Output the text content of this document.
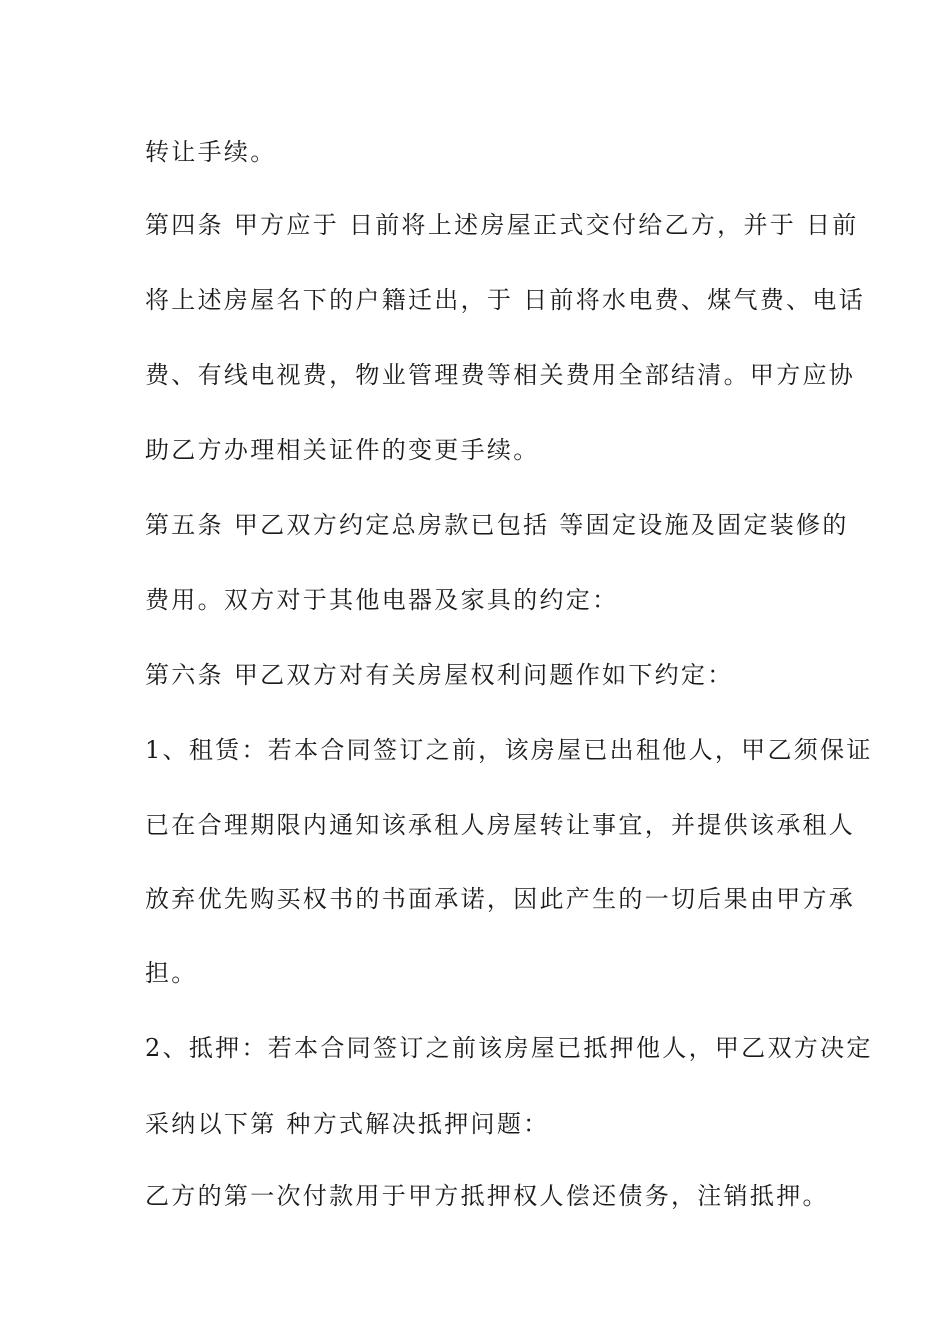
转让手续。
第四条 甲方应于 日前将上述房屋正式交付给乙方，并于 日前
将上述房屋名下的户籍迁出，于 日前将水电费、煤气费、电话
费、有线电视费，物业管理费等相关费用全部结清。甲方应协
助乙方办理相关证件的变更手续。
第五条 甲乙双方约定总房款已包括 等固定设施及固定装修的
费用。双方对于其他电器及家具的约定：
第六条 甲乙双方对有关房屋权利问题作如下约定：
1、租赁：若本合同签订之前，该房屋已出租他人，甲乙须保证
已在合理期限内通知该承租人房屋转让事宜，并提供该承租人
放弃优先购买权书的书面承诺，因此产生的一切后果由甲方承
担。
2、抵押：若本合同签订之前该房屋已抵押他人，甲乙双方决定
采纳以下第 种方式解决抵押问题：
乙方的第一次付款用于甲方抵押权人偿还债务，注销抵押。
